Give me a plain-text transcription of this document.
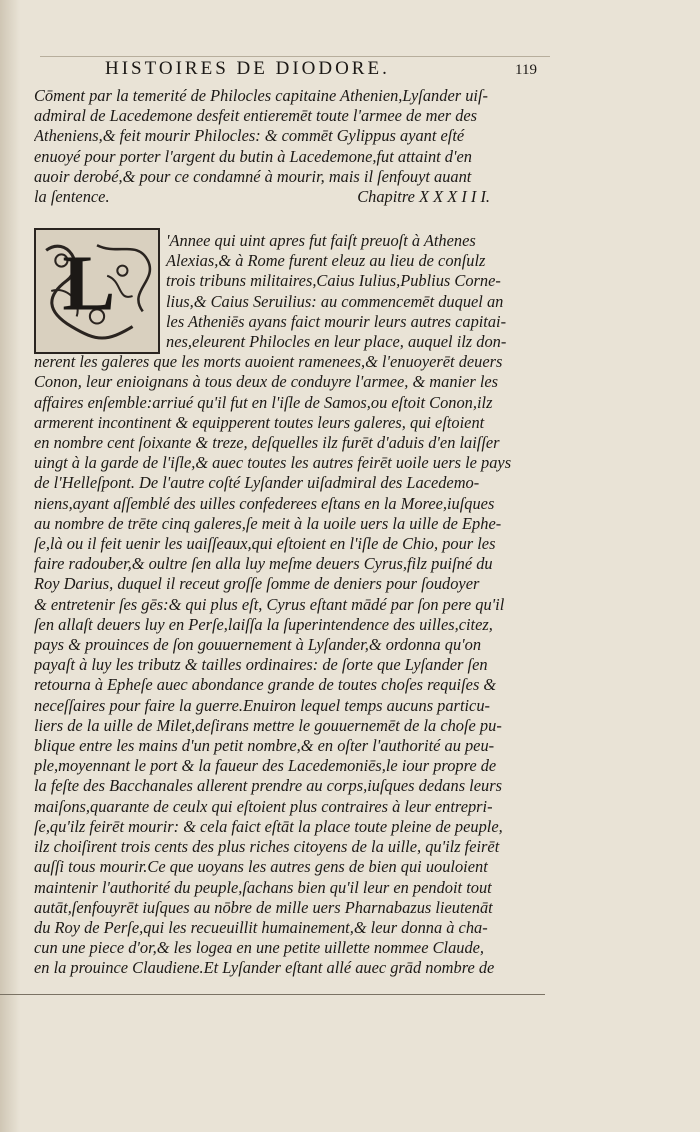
HISTOIRES DE DIODORE.	119
Cōment par la temerité de Philocles capitaine Athenien,Lyſander uiſ-
admiral de Lacedemone desfeit entieremēt toute l'armee de mer des
Atheniens,& feit mourir Philocles: & commēt Gylippus ayant eſté
enuoyé pour porter l'argent du butin à Lacedemone,fut attaint d'en
auoir derobé,& pour ce condamné à mourir, mais il ſenfouyt auant
la ſentence.	Chapitre X X X I I I.
L	'Annee qui uint apres fut faiſt preuoſt à Athenes
Alexias,& à Rome furent eleuz au lieu de conſulz
trois tribuns militaires,Caius Iulius,Publius Corne-
lius,& Caius Seruilius: au commencemēt duquel an
les Atheniēs ayans faict mourir leurs autres capitai-
nes,eleurent Philocles en leur place, auquel ilz don-
nerent les galeres que les morts auoient ramenees,& l'enuoyerēt deuers
Conon, leur enioignans à tous deux de conduyre l'armee, & manier les
affaires enſemble:arriué qu'il fut en l'iſle de Samos,ou eſtoit Conon,ilz
armerent incontinent & equipperent toutes leurs galeres, qui eſtoient
en nombre cent ſoixante & treze, deſquelles ilz furēt d'aduis d'en laiſſer
uingt à la garde de l'iſle,& auec toutes les autres feirēt uoile uers le pays
de l'Helleſpont. De l'autre coſté Lyſander uiſadmiral des Lacedemo-
niens,ayant aſſemblé des uilles confederees eſtans en la Moree,iuſques
au nombre de trēte cinq galeres,ſe meit à la uoile uers la uille de Ephe-
ſe,là ou il feit uenir les uaiſſeaux,qui eſtoient en l'iſle de Chio, pour les
faire radouber,& oultre ſen alla luy meſme deuers Cyrus,filz puiſné du
Roy Darius, duquel il receut groſſe ſomme de deniers pour ſoudoyer
& entretenir ſes gēs:& qui plus eſt, Cyrus eſtant mādé par ſon pere qu'il
ſen allaſt deuers luy en Perſe,laiſſa la ſuperintendence des uilles,citez,
pays & prouinces de ſon gouuernement à Lyſander,& ordonna qu'on
payaſt à luy les tributz & tailles ordinaires: de ſorte que Lyſander ſen
retourna à Epheſe auec abondance grande de toutes choſes requiſes &
neceſſaires pour faire la guerre.Enuiron lequel temps aucuns particu-
liers de la uille de Milet,deſirans mettre le gouuernemēt de la choſe pu-
blique entre les mains d'un petit nombre,& en oſter l'authorité au peu-
ple,moyennant le port & la faueur des Lacedemoniēs,le iour propre de
la feſte des Bacchanales allerent prendre au corps,iuſques dedans leurs
maiſons,quarante de ceulx qui eſtoient plus contraires à leur entrepri-
ſe,qu'ilz feirēt mourir: & cela faict eſtāt la place toute pleine de peuple,
ilz choiſirent trois cents des plus riches citoyens de la uille, qu'ilz feirēt
auſſi tous mourir.Ce que uoyans les autres gens de bien qui uouloient
maintenir l'authorité du peuple,ſachans bien qu'il leur en pendoit tout
autāt,ſenfouyrēt iuſques au nōbre de mille uers Pharnabazus lieutenāt
du Roy de Perſe,qui les recueuillit humainement,& leur donna à cha-
cun une piece d'or,& les logea en une petite uillette nommee Claude,
en la prouince Claudiene.Et Lyſander eſtant allé auec grād nombre de
